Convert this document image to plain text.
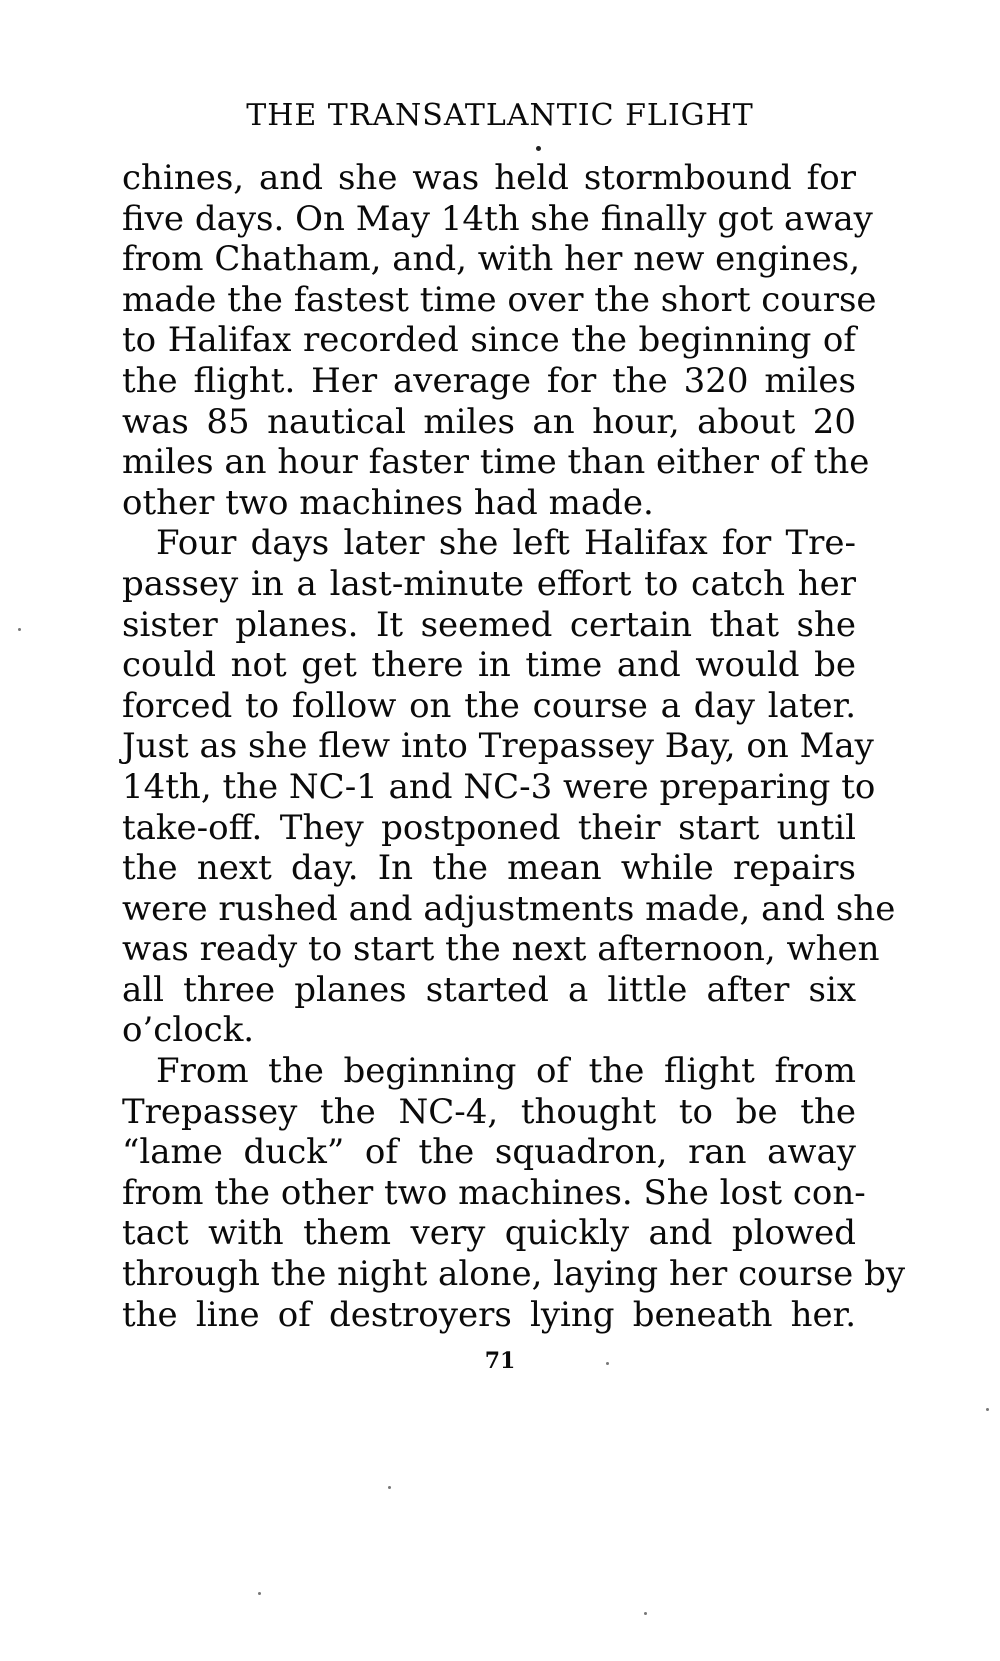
THE TRANSATLANTIC FLIGHT
chines, and she was held stormbound for
five days. On May 14th she finally got away
from Chatham, and, with her new engines,
made the fastest time over the short course
to Halifax recorded since the beginning of
the flight. Her average for the 320 miles
was 85 nautical miles an hour, about 20
miles an hour faster time than either of the
other two machines had made.
Four days later she left Halifax for Tre-
passey in a last-minute effort to catch her
sister planes. It seemed certain that she
could not get there in time and would be
forced to follow on the course a day later.
Just as she flew into Trepassey Bay, on May
14th, the NC-1 and NC-3 were preparing to
take-off. They postponed their start until
the next day. In the mean while repairs
were rushed and adjustments made, and she
was ready to start the next afternoon, when
all three planes started a little after six
o’clock.
From the beginning of the flight from
Trepassey the NC-4, thought to be the
“lame duck” of the squadron, ran away
from the other two machines. She lost con-
tact with them very quickly and plowed
through the night alone, laying her course by
the line of destroyers lying beneath her.
71
